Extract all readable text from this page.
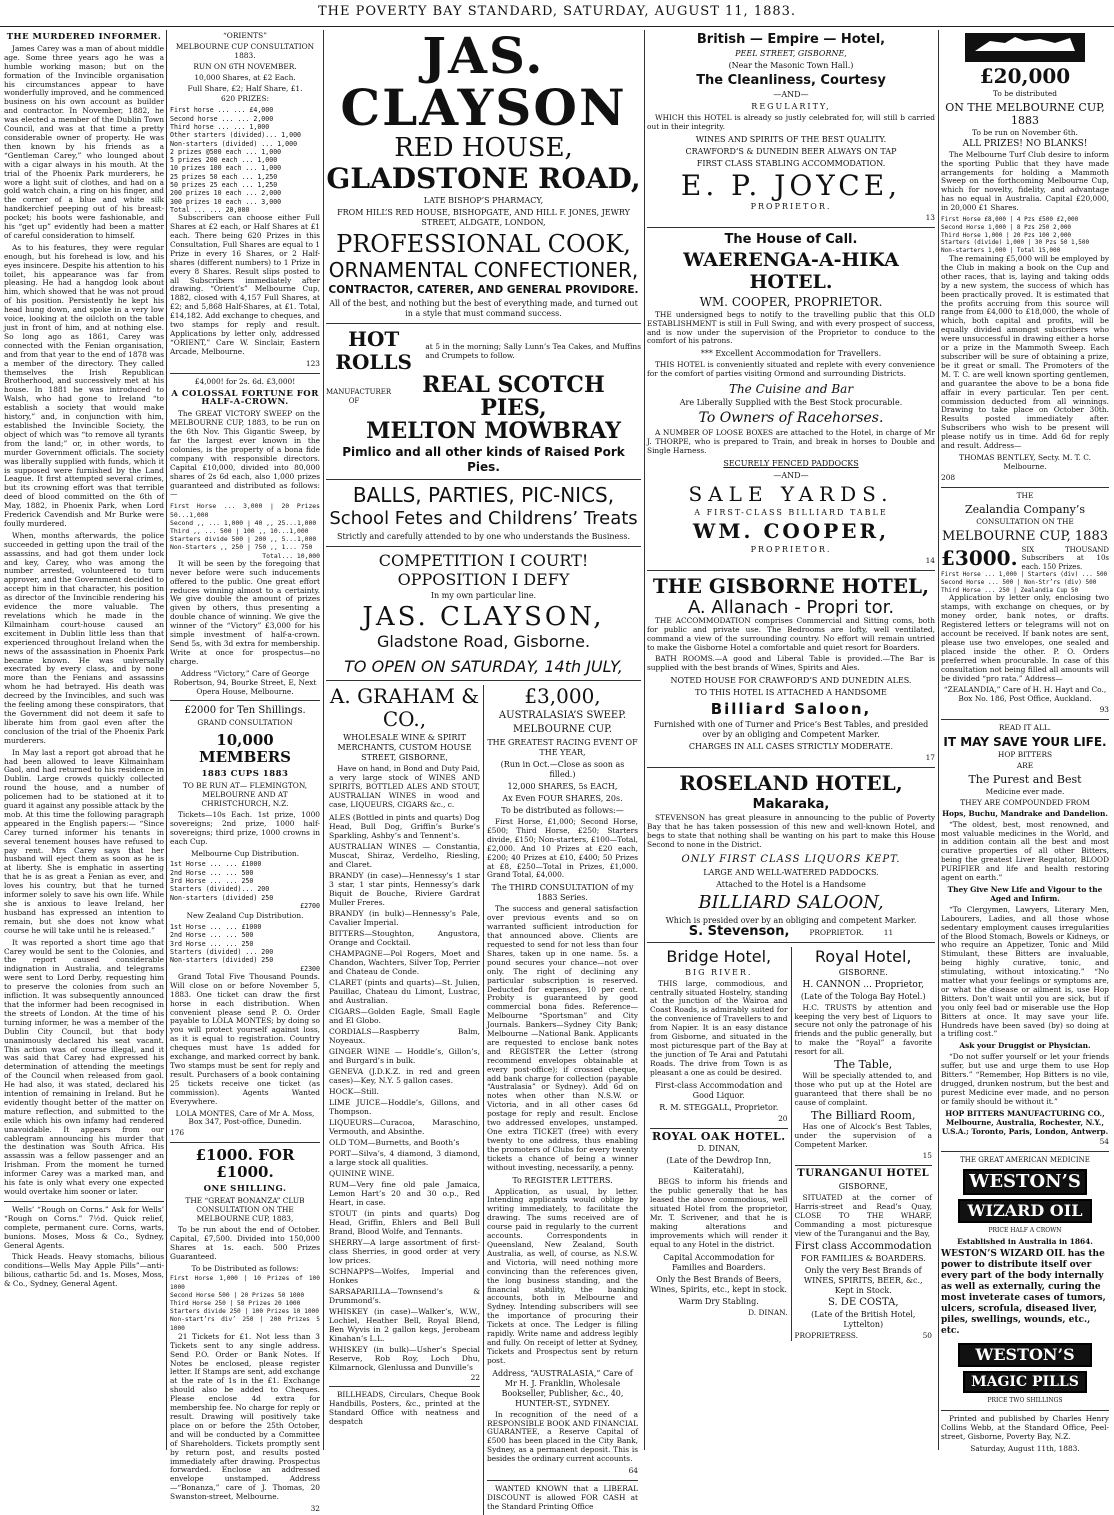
THE POVERTY BAY STANDARD, SATURDAY, AUGUST 11, 1883.
THE MURDERED INFORMER.

James Carey was a man of about middle age. Some three years ago he was a humble working mason; but on the formation of the Invincible organisation his circumstances appear to have wonderfully improved, and he commenced business on his own account as builder and contractor. In November, 1882, he was elected a member of the Dublin Town Council, and was at that time a pretty considerable owner of property. He was then known by his friends as a “Gentleman Carey,” who lounged about with a cigar always in his mouth. At the trial of the Phoenix Park murderers, he wore a light suit of clothes, and had on a gold watch chain, a ring on his finger, and the corner of a blue and white silk handkerchief peeping out of his breast-pocket; his boots were fashionable, and his “get up” evidently had been a matter of careful consideration to himself.

As to his features, they were regular enough, but his forehead is low, and his eyes insincere. Despite his attention to his toilet, his appearance was far from pleasing. He had a hangdog look about him, which showed that he was not proud of his position. Persistently he kept his head hung down, and spoke in a very low voice, looking at the oilcloth on the table just in front of him, and at nothing else. So long ago as 1861, Carey was connected with the Fenian organisation, and from that year to the end of 1878 was a member of the directory. They called themselves the Irish Republican Brotherhood, and successively met at his house. In 1881 he was introduced to Walsh, who had gone to Ireland “to establish a society that would make history,” and, in conjunction with him, established the Invincible Society, the object of which was “to remove all tyrants from the land;” or, in other words, to murder Government officials. The society was liberally supplied with funds, which it is supposed were furnished by the Land League. It first attempted several crimes, but its crowning effort was that terrible deed of blood committed on the 6th of May, 1882, in Phoenix Park, when Lord Frederick Cavendish and Mr Burke were foully murdered.

When, months afterwards, the police succeeded in getting upon the trail of the assassins, and had got them under lock and key, Carey, who was among the number arrested, volunteered to turn approver, and the Government decided to accept him in that character, his position as director of the Invincible rendering his evidence the more valuable. The revelations which he made in the Kilmainham court-house caused an excitement in Dublin little less than that experienced throughout Ireland when the news of the assassination in Phoenix Park became known. He was universally execrated by every class, and by none more than the Fenians and assassins whom he had betrayed. His death was decreed by the Invincibles, and such was the feeling among these conspirators, that the Government did not deem it safe to liberate him from gaol even after the conclusion of the trial of the Phoenix Park murderers.

In May last a report got abroad that he had been allowed to leave Kilmainham Gaol, and had returned to his residence in Dublin. Large crowds quickly collected round the house, and a number of policemen had to be stationed at it to guard it against any possible attack by the mob. At this time the following paragraph appeared in the English papers:— “Since Carey turned informer his tenants in several tenement houses have refused to pay rent. Mrs Carey says that her husband will eject them as soon as he is at liberty. She is emphatic in asserting that he is as great a Fenian as ever, and loves his country, but that he turned informer solely to save his own life. While she is anxious to leave Ireland, her husband has expressed an intention to remain, but she does not know what course he will take until he is released.”

It was reported a short time ago that Carey would be sent to the Colonies, and the report caused considerable indignation in Australia, and telegrams were sent to Lord Derby, requesting him to preserve the colonies from such an infliction. It was subsequently announced that the informer had been recognised in the streets of London. At the time of his turning informer, he was a member of the Dublin City Council, but that body unanimously declared his seat vacant. This action was of course illegal, and it was said that Carey had expressed his determination of attending the meetings of the Council when released from gaol. He had also, it was stated, declared his intention of remaining in Ireland. But he evidently thought better of the matter on mature reflection, and submitted to the exile which his own infamy had rendered unavoidable. It appears from our cablegram announcing his murder that the destination was South Africa. His assassin was a fellow passenger and an Irishman. From the moment he turned informer Carey was a marked man, and his fate is only what every one expected would overtake him sooner or later.

Wells’ “Rough on Corns.” Ask for Wells’ “Rough on Corns.” 7½d. Quick relief, complete, permanent cure. Corns, warts, bunions. Moses, Moss & Co., Sydney, General Agents.

Thick Heads. Heavy stomachs, bilious conditions—Wells May Apple Pills”—anti-bilious, cathartic 5d. and 1s. Moses, Moss, & Co., Sydney, General Agent.

“ORIENTS”
MELBOURNE CUP CONSULTATION 1883.
RUN ON 6TH NOVEMBER.
10,000 Shares, at £2 Each.
Full Share, £2; Half Share, £1.
620 PRIZES:
First horse ... ... £4,000
Second horse ... ... 2,000
Third horse ... ... 1,000
Other starters (divided)... 1,000
Non-starters (divided) ... 1,000
2 prizes @500 each ... 1,000
5 prizes 200 each ... 1,000
10 prizes 100 each ... 1,000
25 prizes 50 each ... 1,250
50 prizes 25 each ... 1,250
200 prizes 10 each ... 2,000
300 prizes 10 each ... 3,000
Total ... ... 20,000

Subscribers can choose either Full Shares at £2 each, or Half Shares at £1 each. There being 620 Prizes in this Consultation, Full Shares are equal to 1 Prize in every 16 Shares, or 2 Half-shares (different numbers) to 1 Prize in every 8 Shares. Result slips posted to all Subscribers immediately after drawing. “Orient’s” Melbourne Cup, 1882, closed with 4,157 Full Shares, at £2; and 5,868 Half-Shares, at £1. Total, £14,182. Add exchange to cheques, and two stamps for reply and result. Applications by letter only, addressed “ORIENT,” Care W. Sinclair, Eastern Arcade, Melbourne.

123
£4,000! for 2s. 6d. £3,000!
A COLOSSAL FORTUNE FOR HALF-A-CROWN.

The GREAT VICTORY SWEEP on the MELBOURNE CUP, 1883, to be run on the 6th Nov. This Gigantic Sweep, by far the largest ever known in the colonies, is the property of a bona fide company with responsible directors. Capital £10,000, divided into 80,000 shares of 2s 6d each, also 1,000 prizes guaranteed and distributed as follows:—

First Horse ... 3,000 | 20 Prizes 50...1,000
Second ,, ... 1,000 | 40 ,, 25...1,000
Third ,, ... 500 | 100 ,, 10...1,000
Starters divide 500 | 200 ,, 5...1,000
Non-Starters ,, 250 | 750 ,, 1... 750
Total... 10,000

It will be seen by the foregoing that never before were such inducements offered to the public. One great effort reduces winning almost to a certainty. We give double the amount of prizes given by others, thus presenting a double chance of winning. We give the winner of the “Victory” £3,000 for his simple investment of half-a-crown. Send 5s, with 3d extra for membership. Write at once for prospectus—no charge.

Address “Victory,” Care of George Robertson, 94, Bourke Street, E, Next Opera House, Melbourne.
£2000 for Ten Shillings.
GRAND CONSULTATION
10,000 MEMBERS
1883 CUPS 1883
TO BE RUN AT— FLEMINGTON, MELBOURNE AND AT CHRISTCHURCH, N.Z.

Tickets—10s Each. 1st prize, 1000 sovereigns; 2nd prize, 1000 half-sovereigns; third prize, 1000 crowns in each Cup.

Melbourne Cup Distribution.
1st Horse ... ... £1000
2nd Horse ... ... 500
3rd Horse ... ... 250
Starters (divided)... 200
Non-starters (divided) 250
£2700
New Zealand Cup Distribution.
1st Horse ... ... £1000
2nd Horse ... ... 500
3rd Horse ... ... 250
Starters (divided) ... 200
Non-starters (divided) 250
£2300

Grand Total Five Thousand Pounds. Will close on or before November 5, 1883. One ticket can draw the first horse in each distribution. When convenient please send P. O. Order payable to LOLA MONTES; by doing so you will protect yourself against loss, as it is equal to registration. Country cheques must have 1s added for exchange, and marked correct by bank. Two stamps must be sent for reply and result. Purchasers of a book containing 25 tickets receive one ticket (as commission). Agents Wanted Everywhere.

LOLA MONTES, Care of Mr A. Moss, Box 347, Post-office, Dunedin.
176
£1000. FOR £1000.
ONE SHILLING.
THE “GREAT BONANZA” CLUB CONSULTATION ON THE MELBOURNE CUP, 1883,

To be run about the end of October. Capital, £7,500. Divided into 150,000 Shares at 1s. each. 500 Prizes Guaranteed.

To be Distributed as follows:
First Horse 1,000 | 10 Prizes of 100 1000
Second Horse 500 | 20 Prizes 50 1000
Third Horse 250 | 50 Prizes 20 1000
Starters divide 250 | 100 Prizes 10 1000
Non-start’rs div’ 250 | 200 Prizes 5 1000

21 Tickets for £1. Not less than 3 Tickets sent to any single address. Send P.O. Order or Bank Notes. If Notes be enclosed, please register letter. If Stamps are sent, add exchange at the rate of 1s in the £1. Exchange should also be added to Cheques. Please enclose 4d extra for membership fee. No charge for reply or result. Drawing will positively take place on or before the 25th October, and will be conducted by a Committee of Shareholders. Tickets promptly sent by return post, and results posted immediately after drawing. Prospectus forwarded. Enclose an addressed envelope unstamped. Address—“Bonanza,” care of J. Thomas, 20 Swanston-street, Melbourne.

32
JAS. CLAYSON
RED HOUSE,
GLADSTONE ROAD,
LATE BISHOP’S PHARMACY,
FROM HILL’S RED HOUSE, BISHOPGATE, AND HILL F. JONES, JEWRY STREET, ALDGATE, LONDON,
PROFESSIONAL COOK,
ORNAMENTAL CONFECTIONER,
CONTRACTOR, CATERER, AND GENERAL PROVIDORE.
All of the best, and nothing but the best of everything made, and turned out in a style that must command success.
HOT ROLLS
at 5 in the morning; Sally Lunn’s Tea Cakes, and Muffins and Crumpets to follow.
MANUFACTURER OF
REAL SCOTCH PIES,
MELTON MOWBRAY
Pimlico and all other kinds of Raised Pork Pies.
BALLS, PARTIES, PIC-NICS,
School Fetes and Childrens’ Treats
Strictly and carefully attended to by one who understands the Business.
COMPETITION I COURT! OPPOSITION I DEFY
In my own particular line.
JAS. CLAYSON,
Gladstone Road, Gisborne.
TO OPEN ON SATURDAY, 14th JULY,
A. GRAHAM & CO.,
WHOLESALE WINE & SPIRIT MERCHANTS, CUSTOM HOUSE STREET, GISBORNE,

Have on hand, in Bond and Duty Paid, a very large stock of WINES AND SPIRITS, BOTTLED ALES AND STOUT, AUSTRALIAN WINES in wood and case, LIQUEURS, CIGARS &c., c.

ALES (Bottled in pints and quarts) Dog Head, Bull Dog, Griffin’s Burke’s Sparkling, Ashby’s and Tennent’s.
AUSTRALIAN WINES — Constantia, Muscat, Shiraz, Verdelho, Riesling, and Claret.
BRANDY (in case)—Hennessy’s 1 star 3 star, 1 star pints, Hennessy’s dark Biquit de Bouche, Riviere Gardrat Muller Freres.
BRANDY (in bulk)—Hennessy’s Pale, Cavalier Imperial.
BITTERS—Stoughton, Angustora, Orange and Cocktail.
CHAMPAGNE—Pol Rogers, Moet and Chandon, Wachters, Silver Top, Perrier and Chateau de Conde.
CLARET (pints and quarts)—St. Julien, Pauillac, Chateau du Limont, Lustrac, and Australian.
CIGARS—Golden Eagle, Small Eagle and El Globo.
CORDIALS—Raspberry Balm, Noyeaux.
GINGER WINE — Hoddle’s, Gillon’s, and Burgard’s in bulk.
GENEVA (J.D.K.Z. in red and green cases)—Key, N.Y. 5 gallon cases.
HOCK—Still.
LIME JUICE—Hoddle’s, Gillons, and Thompson.
LIQUEURS—Curacoa, Maraschino, Vermouth, and Absinthe.
OLD TOM—Burnetts, and Booth’s
PORT—Silva’s, 4 diamond, 3 diamond, a large stock all qualities.
QUININE WINE.
RUM—Very fine old pale Jamaica, Lemon Hart’s 20 and 30 o.p., Red Heart, in case.
STOUT (in pints and quarts) Dog Head, Griffin, Ehlers and Bell Bull Brand, Blood Wolfe, and Tennants.
SHERRY—A large assortment of first-class Sherries, in good order at very low prices.
SCHNAPPS—Wolfes, Imperial and Honkes
SARSAPARILLA—Townsend’s & Drummond’s.
WHISKEY (in case)—Walker’s, W.W., Lochiel, Heather Bell, Royal Blend, Ben Wyvis in 2 gallon kegs, Jerobeam Kinahan’s L.L.
WHISKEY (in bulk)—Usher’s Special Reserve, Rob Roy, Loch Dhu, Kilmarnock, Glenlussa and Dunville’s
22

BILLHEADS, Circulars, Cheque Book Handbills, Posters, &c., printed at the Standard Office with neatness and despatch

£3,000,
AUSTRALASIA’S SWEEP.
MELBOURNE CUP.
THE GREATEST RACING EVENT OF THE YEAR,
(Run in Oct.—Close as soon as filled.)
12,000 SHARES, 5s EACH,
Ax Even FOUR SHARES, 20s.
To be distributed as follows:—

First Horse, £1,000; Second Horse, £500; Third Horse, £250; Starters divide, £150; Non-starters, £100—Total, £2,000. And 10 Prizes at £20 each, £200; 40 Prizes at £10, £400; 50 Prizes at £8, £250—Total in Prizes, £1,000. Grand Total, £4,000.

The THIRD CONSULTATION of my 1883 Series.

The success and general satisfaction over previous events and so on warranted sufficient introduction for that announced above. Clients are requested to send for not less than four Shares, taken up in one name. 5s. a pound secures your chance—not over only. The right of declining any particular subscription is reserved. Deducted for expenses, 10 per cent. Probity is guaranteed by good commercial bona fides. Reference—Melbourne “Sportsman” and City Journals. Bankers—Sydney City Bank; Melbourne —National Bank. Applicants are requested to enclose bank notes and REGISTER the Letter (strong recommend envelopes obtainable at every post-office); if crossed cheque, add bank charge for collection (payable “Australasia” or Sydney). Add 6d on notes when other than N.S.W. or Victoria, and in all other cases 6d postage for reply and result. Enclose two addressed envelopes, unstamped. One extra TICKET (free) with every twenty to one address, thus enabling the promoters of Clubs for every twenty tickets a chance of being a winner without investing, necessarily, a penny.

To REGISTER LETTERS.

Application, as usual, by letter. Intending applicants would oblige by writing immediately, to facilitate the drawing. The sums received are of course paid in regularly to the current accounts. Correspondents in Queensland, New Zealand, South Australia, as well, of course, as N.S.W. and Victoria, will need nothing more convincing than the references given, the long business standing, and the financial stability, the banking accounts, both in Melbourne and Sydney. Intending subscribers will see the importance of procuring their Tickets at once. The Ledger is filling rapidly. Write name and address legibly and fully. On receipt of letter at Sydney, Tickets and Prospectus sent by return post.

Address, “AUSTRALASIA,” Care of Mr H. J. Franklin, Wholesale Bookseller, Publisher, &c., 40, HUNTER-ST., SYDNEY.

In recognition of the need of a RESPONSIBLE BOOK AND FINANCIAL GUARANTEE, a Reserve Capital of £500 has been placed in the City Bank, Sydney, as a permanent deposit. This is besides the ordinary current accounts.

64

WANTED KNOWN that a LIBERAL DISCOUNT is allowed FOR CASH at the Standard Printing Office

British — Empire — Hotel,
PEEL STREET, GISBORNE,
(Near the Masonic Town Hall.)
The Cleanliness, Courtesy
—AND—
REGULARITY,

WHICH this HOTEL is already so justly celebrated for, will still b carried out in their integrity.

WINES AND SPIRITS OF THE BEST QUALITY.
CRAWFORD’S & DUNEDIN BEER ALWAYS ON TAP
FIRST CLASS STABLING ACCOMMODATION.
E. P. JOYCE,
PROPRIETOR.
13
The House of Call.
WAERENGA-A-HIKA HOTEL.
WM. COOPER, PROPRIETOR.

THE undersigned begs to notify to the travelling public that this OLD ESTABLISHMENT is still in Full Swing, and with every prospect of success, and is now under the supervision of the Proprietor to conduce to the comfort of his patrons.

*** Excellent Accommodation for Travellers.

THIS HOTEL is conveniently situated and replete with every convenience for the comfort of parties visiting Ormond and surrounding Districts.

The Cuisine and Bar
Are Liberally Supplied with the Best Stock procurable.
To Owners of Racehorses.

A NUMBER OF LOOSE BOXES are attached to the Hotel, in charge of Mr J. THORPE, who is prepared to Train, and break in horses to Double and Single Harness.

SECURELY FENCED PADDOCKS
—AND—
SALE YARDS.
A FIRST-CLASS BILLIARD TABLE
WM. COOPER,
PROPRIETOR.
14
THE GISBORNE HOTEL,
A. Allanach - Propri tor.

THE ACCOMMODATION comprises Commercial and Sitting coms, both for public and private use. The Bedrooms are lofty, well ventilated, command a view of the surrounding country. No effort will remain untried to make the Gisborne Hotel a comfortable and quiet resort for Boarders.

BATH ROOMS.—A good and Liberal Table is provided.—The Bar is supplied with the best brands of Wines, Spirits and Ales.

NOTED HOUSE FOR CRAWFORD’S AND DUNEDIN ALES.
TO THIS HOTEL IS ATTACHED A HANDSOME
Billiard Saloon,
Furnished with one of Turner and Price’s Best Tables, and presided over by an obliging and Competent Marker.
CHARGES IN ALL CASES STRICTLY MODERATE.
17
ROSELAND HOTEL,
Makaraka,

STEVENSON has great pleasure in announcing to the public of Poverty Bay that he has taken possession of this new and well-known Hotel, and begs to state that nothing shall be wanting on his part to make this House Second to none in the District.

ONLY FIRST CLASS LIQUORS KEPT.
LARGE AND WELL-WATERED PADDOCKS.
Attached to the Hotel is a Handsome
BILLIARD SALOON,
Which is presided over by an obliging and competent Marker.
S. Stevenson,	PROPRIETOR.	11
Bridge Hotel,
BIG RIVER.

THIS large, commodious, and centrally situated Hostelry, standing at the junction of the Wairoa and Coast Roads, is admirably suited for the convenience of Travellers to and from Napier. It is an easy distance from Gisborne, and situated in the most picturesque part of the Bay at the junction of Te Arai and Patutahi Roads. The drive from Town is as pleasant a one as could be desired.

First-class Accommodation and Good Liquor.
R. M. STEGGALL, Proprietor.
20
ROYAL OAK HOTEL.
D. DINAN,
(Late of the Dewdrop Inn, Kaiteratahi),

BEGS to inform his friends and the public generally that he has leased the above commodious, well situated Hotel from the proprietor, Mr. T. Scrivener, and that he is making alterations and improvements which will render it equal to any Hotel in the district.

Capital Accommodation for Families and Boarders.
Only the Best Brands of Beers, Wines, Spirits, etc., kept in stock.
Warm Dry Stabling.
D. DINAN.
Royal Hotel,
GISBORNE.
H. CANNON ... Proprietor,
(Late of the Tologa Bay Hotel.)

H.C. TRUSTS by attention and keeping the very best of Liquors to secure not only the patronage of his friends and the public generally, but to make the “Royal” a favorite resort for all.

The Table,

Will be specially attended to, and those who put up at the Hotel are guaranteed that there shall be no cause of complaint.

The Billiard Room,

Has one of Alcock’s Best Tables, under the supervision of a Competent Marker.

15
TURANGANUI HOTEL
GISBORNE,

SITUATED at the corner of Harris-street and Read’s Quay, CLOSE TO THE WHARF, Commanding a most picturesque view of the Turanganui and the Bay,

First class Accommodation
FOR FAMILIES & BOARDERS.
Only the very Best Brands of WINES, SPIRITS, BEER, &c., Kept in Stock.
S. DE COSTA,
(Late of the British Hotel, Lyttelton)
PROPRIETRESS.	50
£20,000
To be distributed
ON THE MELBOURNE CUP, 1883
To be run on November 6th.
ALL PRIZES! NO BLANKS!

The Melbourne Turf Club desire to inform the sporting Public that they have made arrangements for holding a Mammoth Sweep on the forthcoming Melbourne Cup, which for novelty, fidelity, and advantage has no equal in Australia. Capital £20,000, in 20,000 £1 Shares.

First Horse £8,000 | 4 Pzs £500 £2,000
Second Horse 1,000 | 8 Pzs 250 2,000
Third Horse 1,000 | 20 Pzs 100 2,000
Starters (divide) 1,000 | 30 Pzs 50 1,500
Non-starters 1,000 | Total 15,000

The remaining £5,000 will be employed by the Club in making a book on the Cup and other races, that is, laying and taking odds by a new system, the success of which has been practically proved. It is estimated that the profits accruing from this source will range from £4,000 to £18,000, the whole of which, both capital and profits, will be equally divided amongst subscribers who were unsuccessful in drawing either a horse or a prize in the Mammoth Sweep. Each subscriber will be sure of obtaining a prize, be it great or small. The Promoters of the M. T. C. are well known sporting gentlemen, and guarantee the above to be a bona fide affair in every particular. Ten per cent. commission deducted from all winnings. Drawing to take place on October 30th. Results posted immediately after. Subscribers who wish to be present will please notify us in time. Add 6d for reply and result. Address—

THOMAS BENTLEY, Secty. M. T. C. Melbourne.
208
THE
Zealandia Company’s
CONSULTATION ON THE
MELBOURNE CUP, 1883
£3000. SIX THOUSAND Subscribers at 10s each. 150 Prizes.
First Horse ... 1,000 | Starters (div) ... 500
Second Horse ... 500 | Non-Str’rs (div) 500
Third Horse ... 250 | Zealandia Cup 50

Application by letter only, enclosing two stamps, with exchange on cheques, or by money order, bank notes, or drafts. Registered letters or telegrams will not on account be received. If bank notes are sent, please use two envelopes, one sealed and placed inside the other. P. O. Orders preferred when procurable. In case of this consultation not being filled all amounts will be divided “pro rata.” Address—

“ZEALANDIA,” Care of H. H. Hayt and Co., Box No. 186, Post Office, Auckland.
93
READ IT ALL.
IT MAY SAVE YOUR LIFE.
HOP BITTERS
ARE
The Purest and Best
Medicine ever made.
THEY ARE COMPOUNDED FROM
Hops, Buchu, Mandrake and Dandelion.

“The oldest, best, most renowned, and most valuable medicines in the World, and in addition contain all the best and most curative properties of all other Bitters, being the greatest Liver Regulator, BLOOD PURIFIER and life and health restoring agent on earth.”

They Give New Life and Vigour to the Aged and Infirm.

“To Clergymen, Lawyers, Literary Men, Labourers, Ladies, and all those whose sedentary employment causes irregularities of the Blood Stomach, Bowels or Kidneys, or who require an Appetizer, Tonic and Mild Stimulant, these Bitters are invaluable, being highly curative, tonic, and stimulating, without intoxicating.” “No matter what your feelings or symptoms are, or what the disease or ailment is, use Hop Bitters. Don’t wait until you are sick, but if you only feel bad or miserable use the Hop Bitters at once. It may save your life. Hundreds have been saved (by) so doing at a trifling cost.”

Ask your Druggist or Physician.

“Do not suffer yourself or let your friends suffer, but use and urge them to use Hop Bitters.” “Remember, Hop Bitters is no vile, drugged, drunken nostrum, but the best and purest Medicine ever made, and no person or family should be without it.”

HOP BITTERS MANUFACTURING CO., Melbourne, Australia, Rochester, N.Y., U.S.A.; Toronto, Paris, London, Antwerp.
54
THE GREAT AMERICAN MEDICINE
WESTON’S
WIZARD OIL
PRICE HALF A CROWN
Established in Australia in 1864.
WESTON’S WIZARD OIL has the power to distribute itself over every part of the body internally as well as externally, curing the most inveterate cases of tumors, ulcers, scrofula, diseased liver, piles, swellings, wounds, etc., etc.
WESTON’S
MAGIC PILLS
PRICE TWO SHILLINGS

Printed and published by Charles Henry Collins Webb, at the Standard Office, Peel-street, Gisborne, Poverty Bay, N.Z.

Saturday, August 11th, 1883.
